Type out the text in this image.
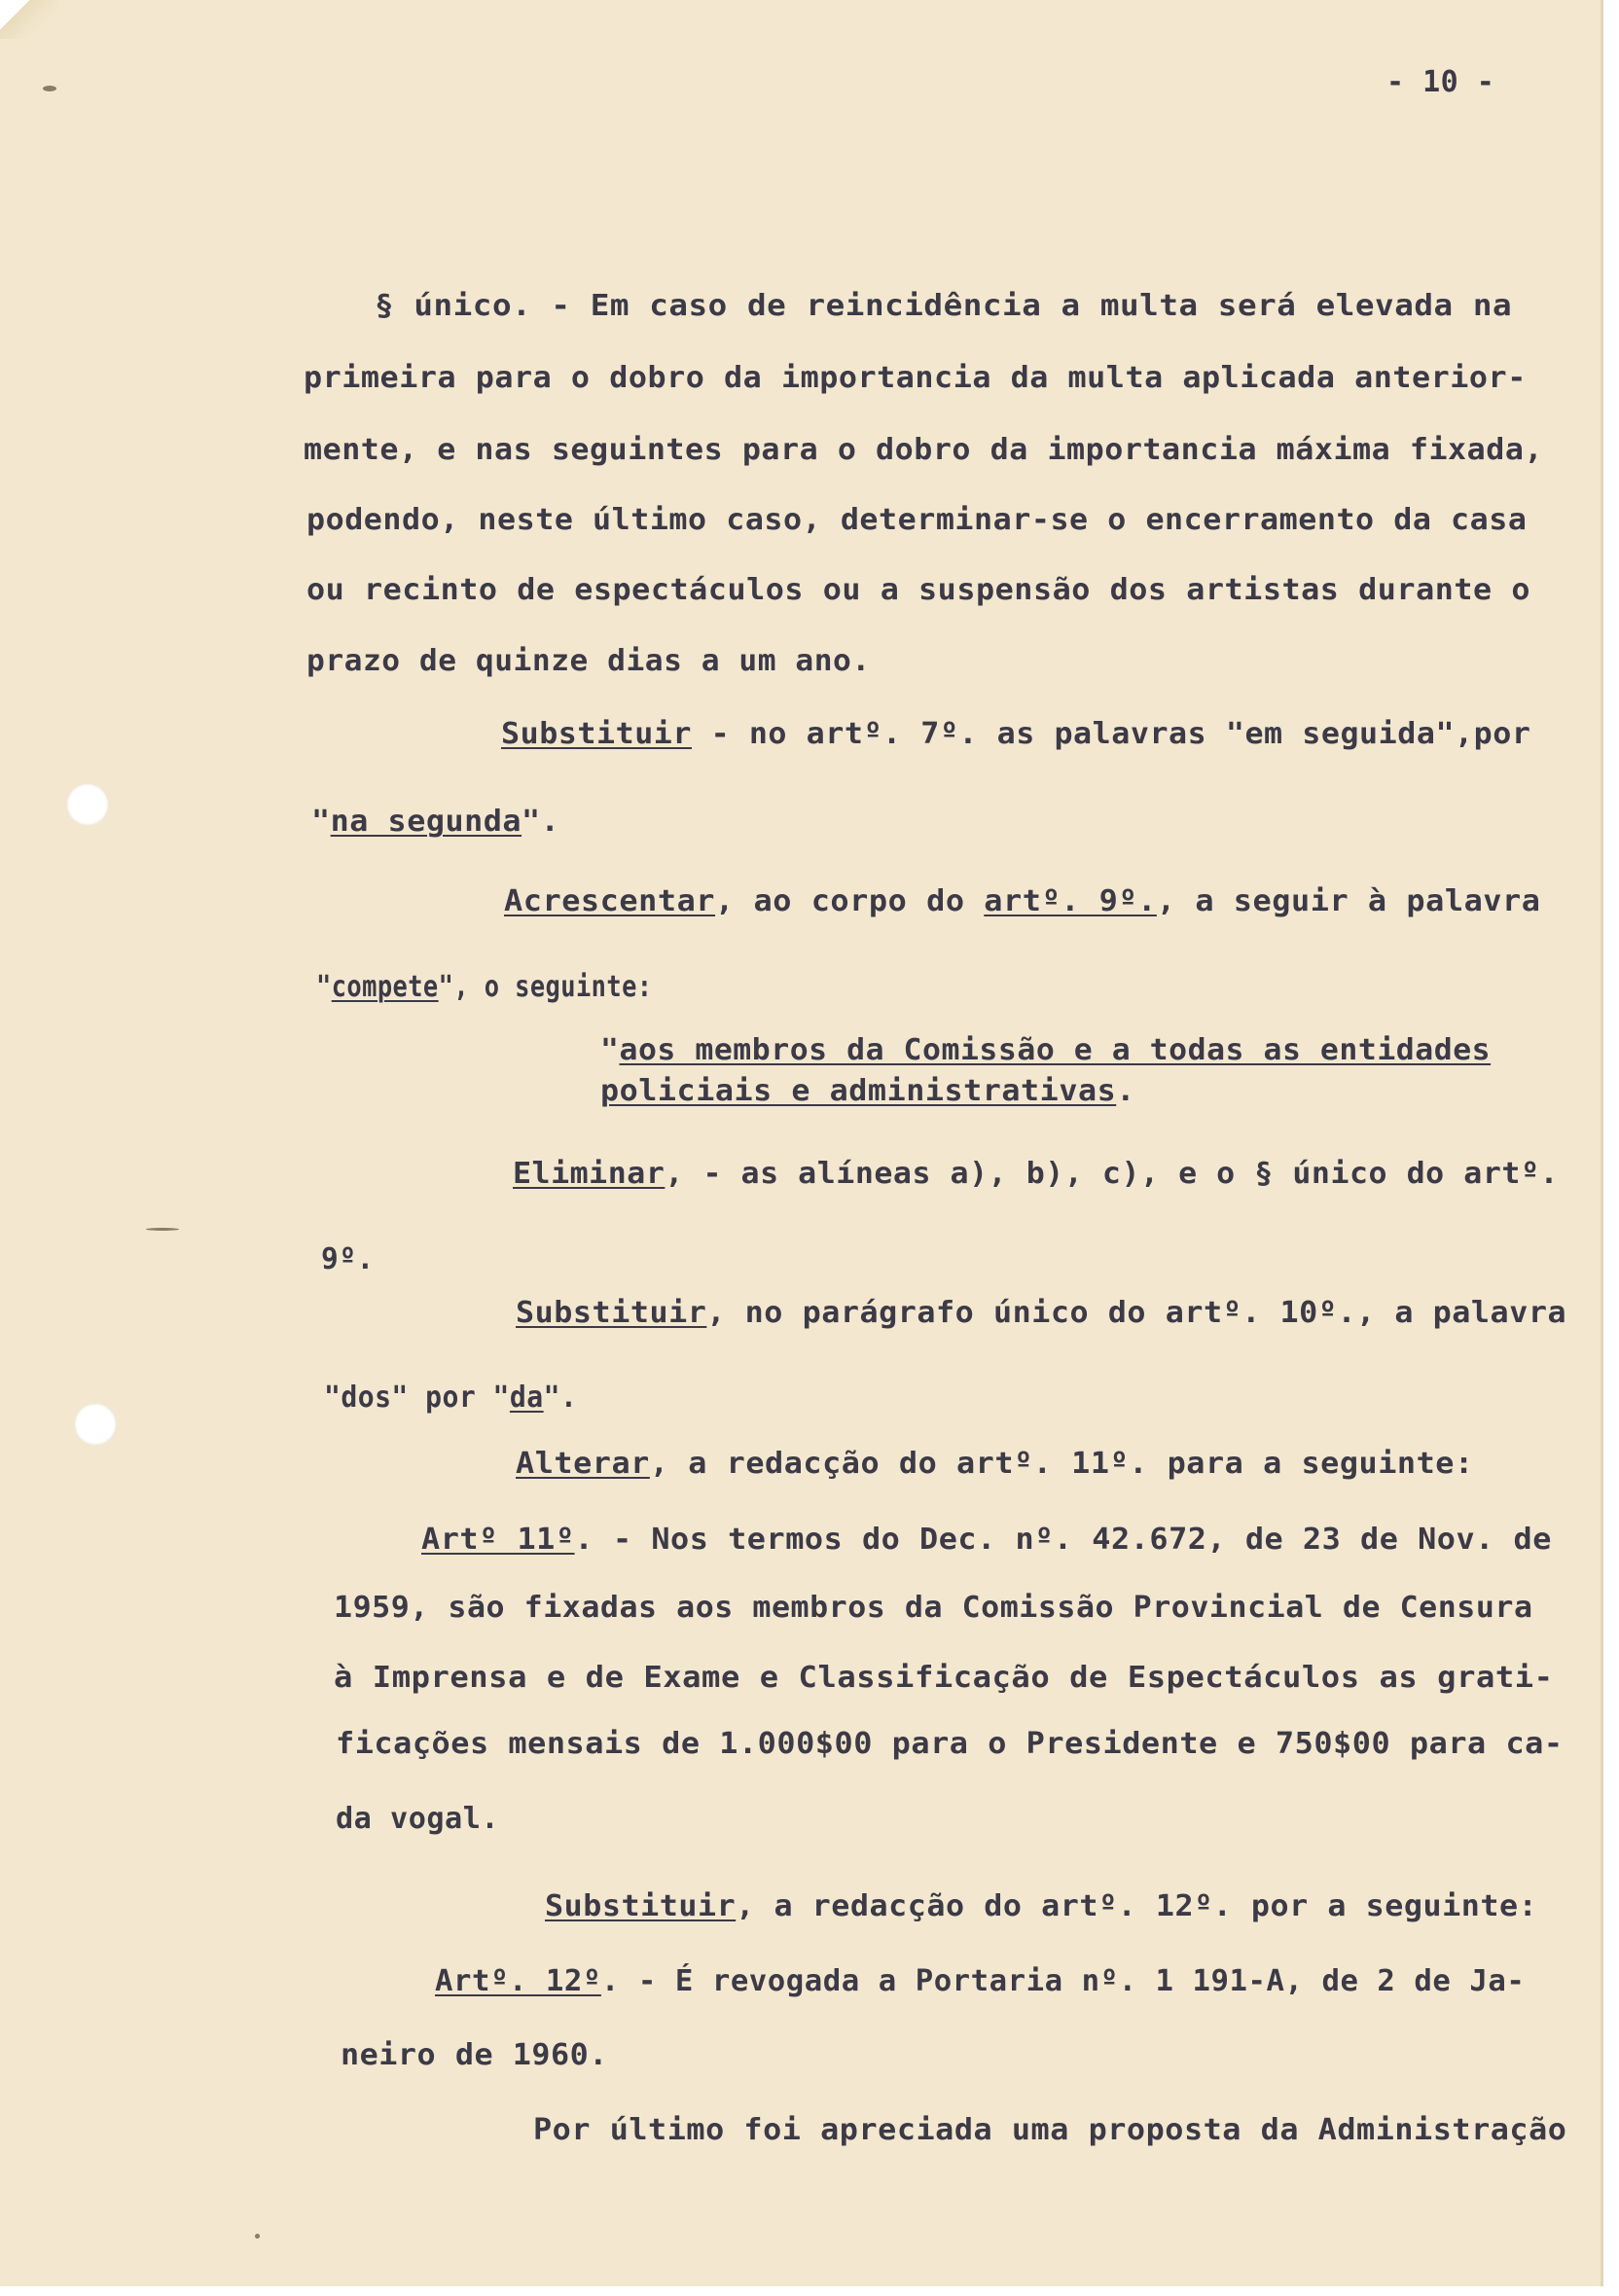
- 10 -
§ único. - Em caso de reincidência a multa será elevada na
primeira para o dobro da importancia da multa aplicada anterior-
mente, e nas seguintes para o dobro da importancia máxima fixada,
podendo, neste último caso, determinar-se o encerramento da casa
ou recinto de espectáculos ou a suspensão dos artistas durante o
prazo de quinze dias a um ano.
Substituir - no artº. 7º. as palavras "em seguida",por
"na segunda".
Acrescentar, ao corpo do artº. 9º., a seguir à palavra
"compete", o seguinte:
"aos membros da Comissão e a todas as entidades
policiais e administrativas.
Eliminar, - as alíneas a), b), c), e o § único do artº.
9º.
Substituir, no parágrafo único do artº. 10º., a palavra
"dos" por "da".
Alterar, a redacção do artº. 11º. para a seguinte:
Artº 11º. - Nos termos do Dec. nº. 42.672, de 23 de Nov. de
1959, são fixadas aos membros da Comissão Provincial de Censura
à Imprensa e de Exame e Classificação de Espectáculos as grati-
ficações mensais de 1.000$00 para o Presidente e 750$00 para ca-
da vogal.
Substituir, a redacção do artº. 12º. por a seguinte:
Artº. 12º. - É revogada a Portaria nº. 1 191-A, de 2 de Ja-
neiro de 1960.
Por último foi apreciada uma proposta da Administração
